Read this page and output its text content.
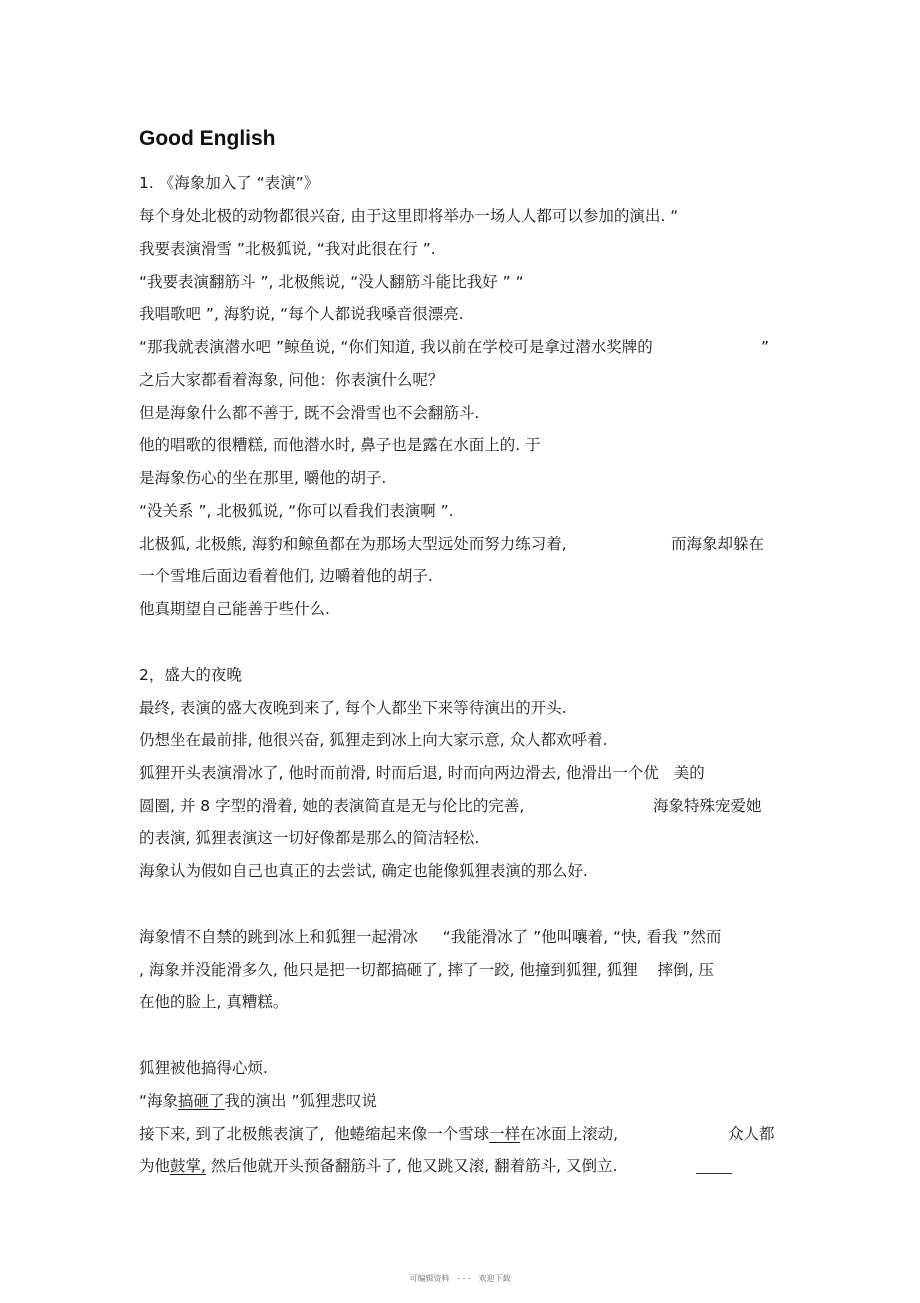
Good English

1. 《海象加入了 “表演”》

每个身处北极的动物都很兴奋, 由于这里即将举办一场人人都可以参加的演出. “

我要表演滑雪 ”北极狐说, “我对此很在行 ”.

“我要表演翻筋斗 ”, 北极熊说, “没人翻筋斗能比我好 ” “

我唱歌吧 ”, 海豹说, “每个人都说我嗓音很漂亮.

“那我就表演潜水吧 ”鲸鱼说, “你们知道, 我以前在学校可是拿过潜水奖牌的	”

之后大家都看着海象, 问他：你表演什么呢？

但是海象什么都不善于, 既不会滑雪也不会翻筋斗.

他的唱歌的很糟糕, 而他潜水时, 鼻子也是露在水面上的. 于

是海象伤心的坐在那里, 嚼他的胡子.

“没关系 ”, 北极狐说, “你可以看我们表演啊 ”.

北极狐, 北极熊, 海豹和鲸鱼都在为那场大型远处而努力练习着,	而海象却躲在

一个雪堆后面边看着他们, 边嚼着他的胡子.

他真期望自己能善于些什么.

2，盛大的夜晚

最终, 表演的盛大夜晚到来了, 每个人都坐下来等待演出的开头.

仍想坐在最前排, 他很兴奋, 狐狸走到冰上向大家示意, 众人都欢呼着.

狐狸开头表演滑冰了, 他时而前滑, 时而后退, 时而向两边滑去, 他滑出一个优   美的

圆圈, 并 8 字型的滑着, 她的表演简直是无与伦比的完善,	海象特殊宠爱她

的表演, 狐狸表演这一切好像都是那么的简洁轻松.

海象认为假如自己也真正的去尝试, 确定也能像狐狸表演的那么好.

海象情不自禁的跳到冰上和狐狸一起滑冰     “我能滑冰了 ”他叫嚷着, “快, 看我 ”然而

, 海象并没能滑多久, 他只是把一切都搞砸了, 摔了一跤, 他撞到狐狸, 狐狸    摔倒, 压

在他的脸上, 真糟糕。

狐狸被他搞得心烦.

“海象搞砸了我的演出 ”狐狸悲叹说

接下来, 到了北极熊表演了,  他蜷缩起来像一个雪球一样在冰面上滚动,	众人都

为他鼓掌, 然后他就开头预备翻筋斗了, 他又跳又滚, 翻着筋斗, 又倒立.

可编辑资料   - - -   欢迎下载
